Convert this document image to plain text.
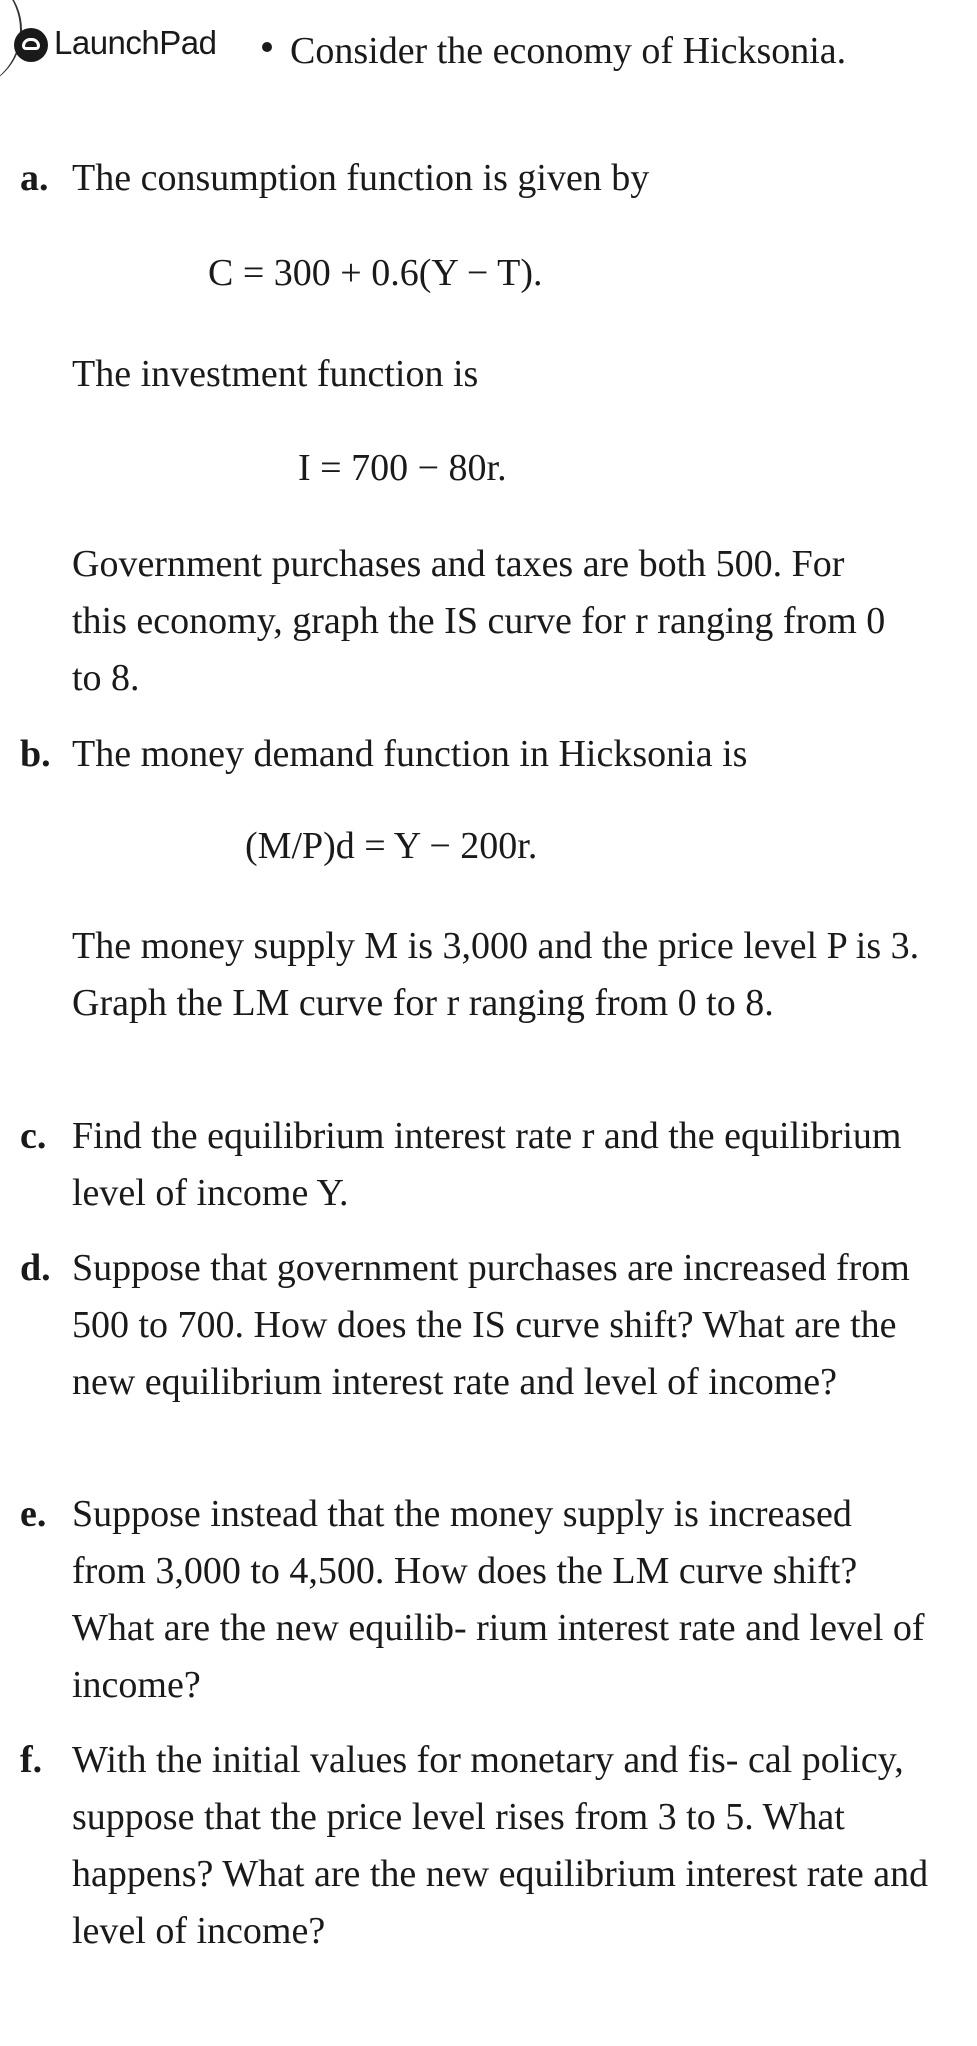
LaunchPad	Consider the economy of Hicksonia.
a. The consumption function is given by
C = 300 + 0.6(Y − T).
The investment function is
I = 700 − 80r.
Government purchases and taxes are both 500. For this economy, graph the IS curve for r ranging from 0 to 8.
b. The money demand function in Hicksonia is
(M/P)d = Y − 200r.
The money supply M is 3,000 and the price level P is 3. Graph the LM curve for r ranging from 0 to 8.
c. Find the equilibrium interest rate r and the equilibrium level of income Y.
d. Suppose that government purchases are increased from 500 to 700. How does the IS curve shift? What are the new equilibrium interest rate and level of income?
e. Suppose instead that the money supply is increased from 3,000 to 4,500. How does the LM curve shift? What are the new equilib- rium interest rate and level of income?
f. With the initial values for monetary and fis- cal policy, suppose that the price level rises from 3 to 5. What happens? What are the new equilibrium interest rate and level of income?
